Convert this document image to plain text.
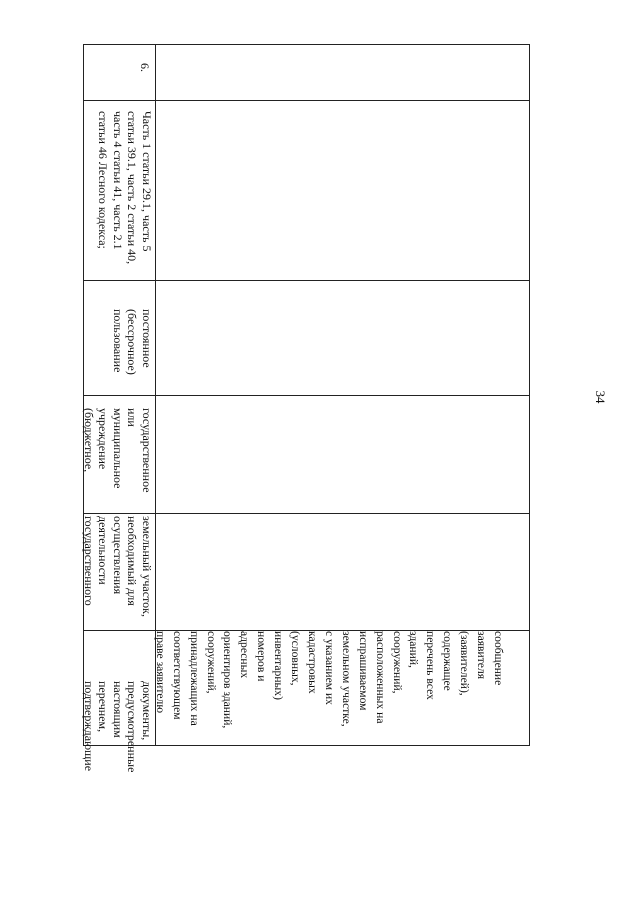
34
6.
Часть 1 статьи 29.1, часть 5
статьи 39.1, часть 2 статьи 40,
часть 4 статьи 41, часть 2.1
статьи 46 Лесного кодекса;
постоянное
(бессрочное)
пользование
государственное
или
муниципальное
учреждение
(бюджетное,
земельный участок,
необходимый для
осуществления
деятельности
государственного
сообщение
заявителя
(заявителей),
содержащее
перечень всех
зданий,
сооружений,
расположенных на
испрашиваемом
земельном участке,
с указанием их
кадастровых
(условных,
инвентарных)
номеров и
адресных
ориентиров зданий,
сооружений,
принадлежащих на
соответствующем
праве заявителю
документы,
предусмотренные
настоящим
перечнем,
подтверждающие
